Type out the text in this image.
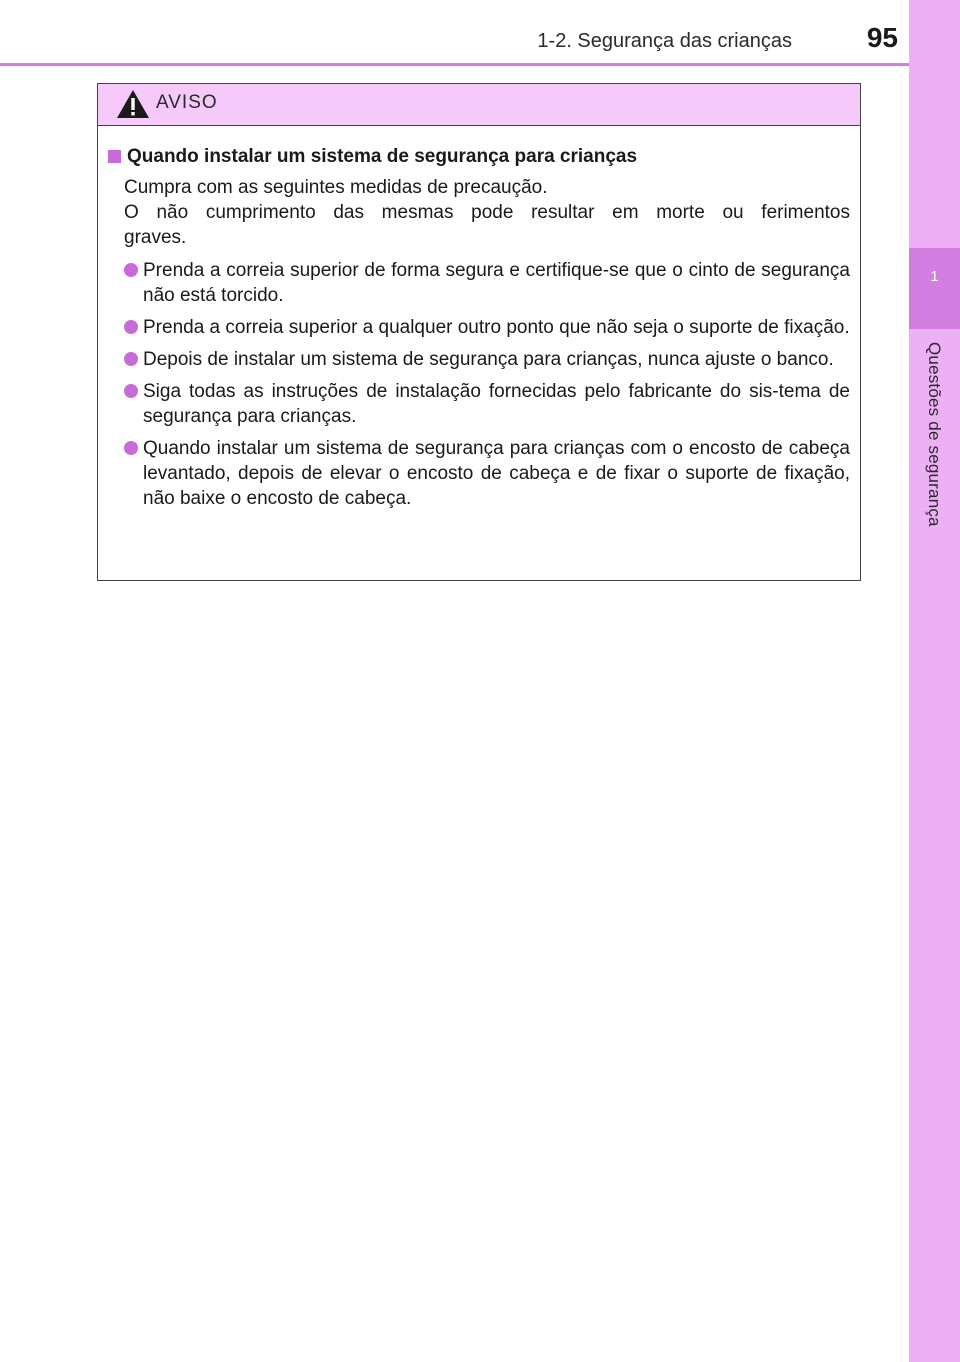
1
Questões de segurança
1-2. Segurança das crianças	95
AVISO
Quando instalar um sistema de segurança para crianças

Cumpra com as seguintes medidas de precaução.

O não cumprimento das mesmas pode resultar em morte ou ferimentos

graves.

Prenda a correia superior de forma segura e certifique-se que o cinto de segurança não está torcido.
Prenda a correia superior a qualquer outro ponto que não seja o suporte de fixação.
Depois de instalar um sistema de segurança para crianças, nunca ajuste o banco.
Siga todas as instruções de instalação fornecidas pelo fabricante do sis-tema de segurança para crianças.
Quando instalar um sistema de segurança para crianças com o encosto de cabeça levantado, depois de elevar o encosto de cabeça e de fixar o suporte de fixação, não baixe o encosto de cabeça.
